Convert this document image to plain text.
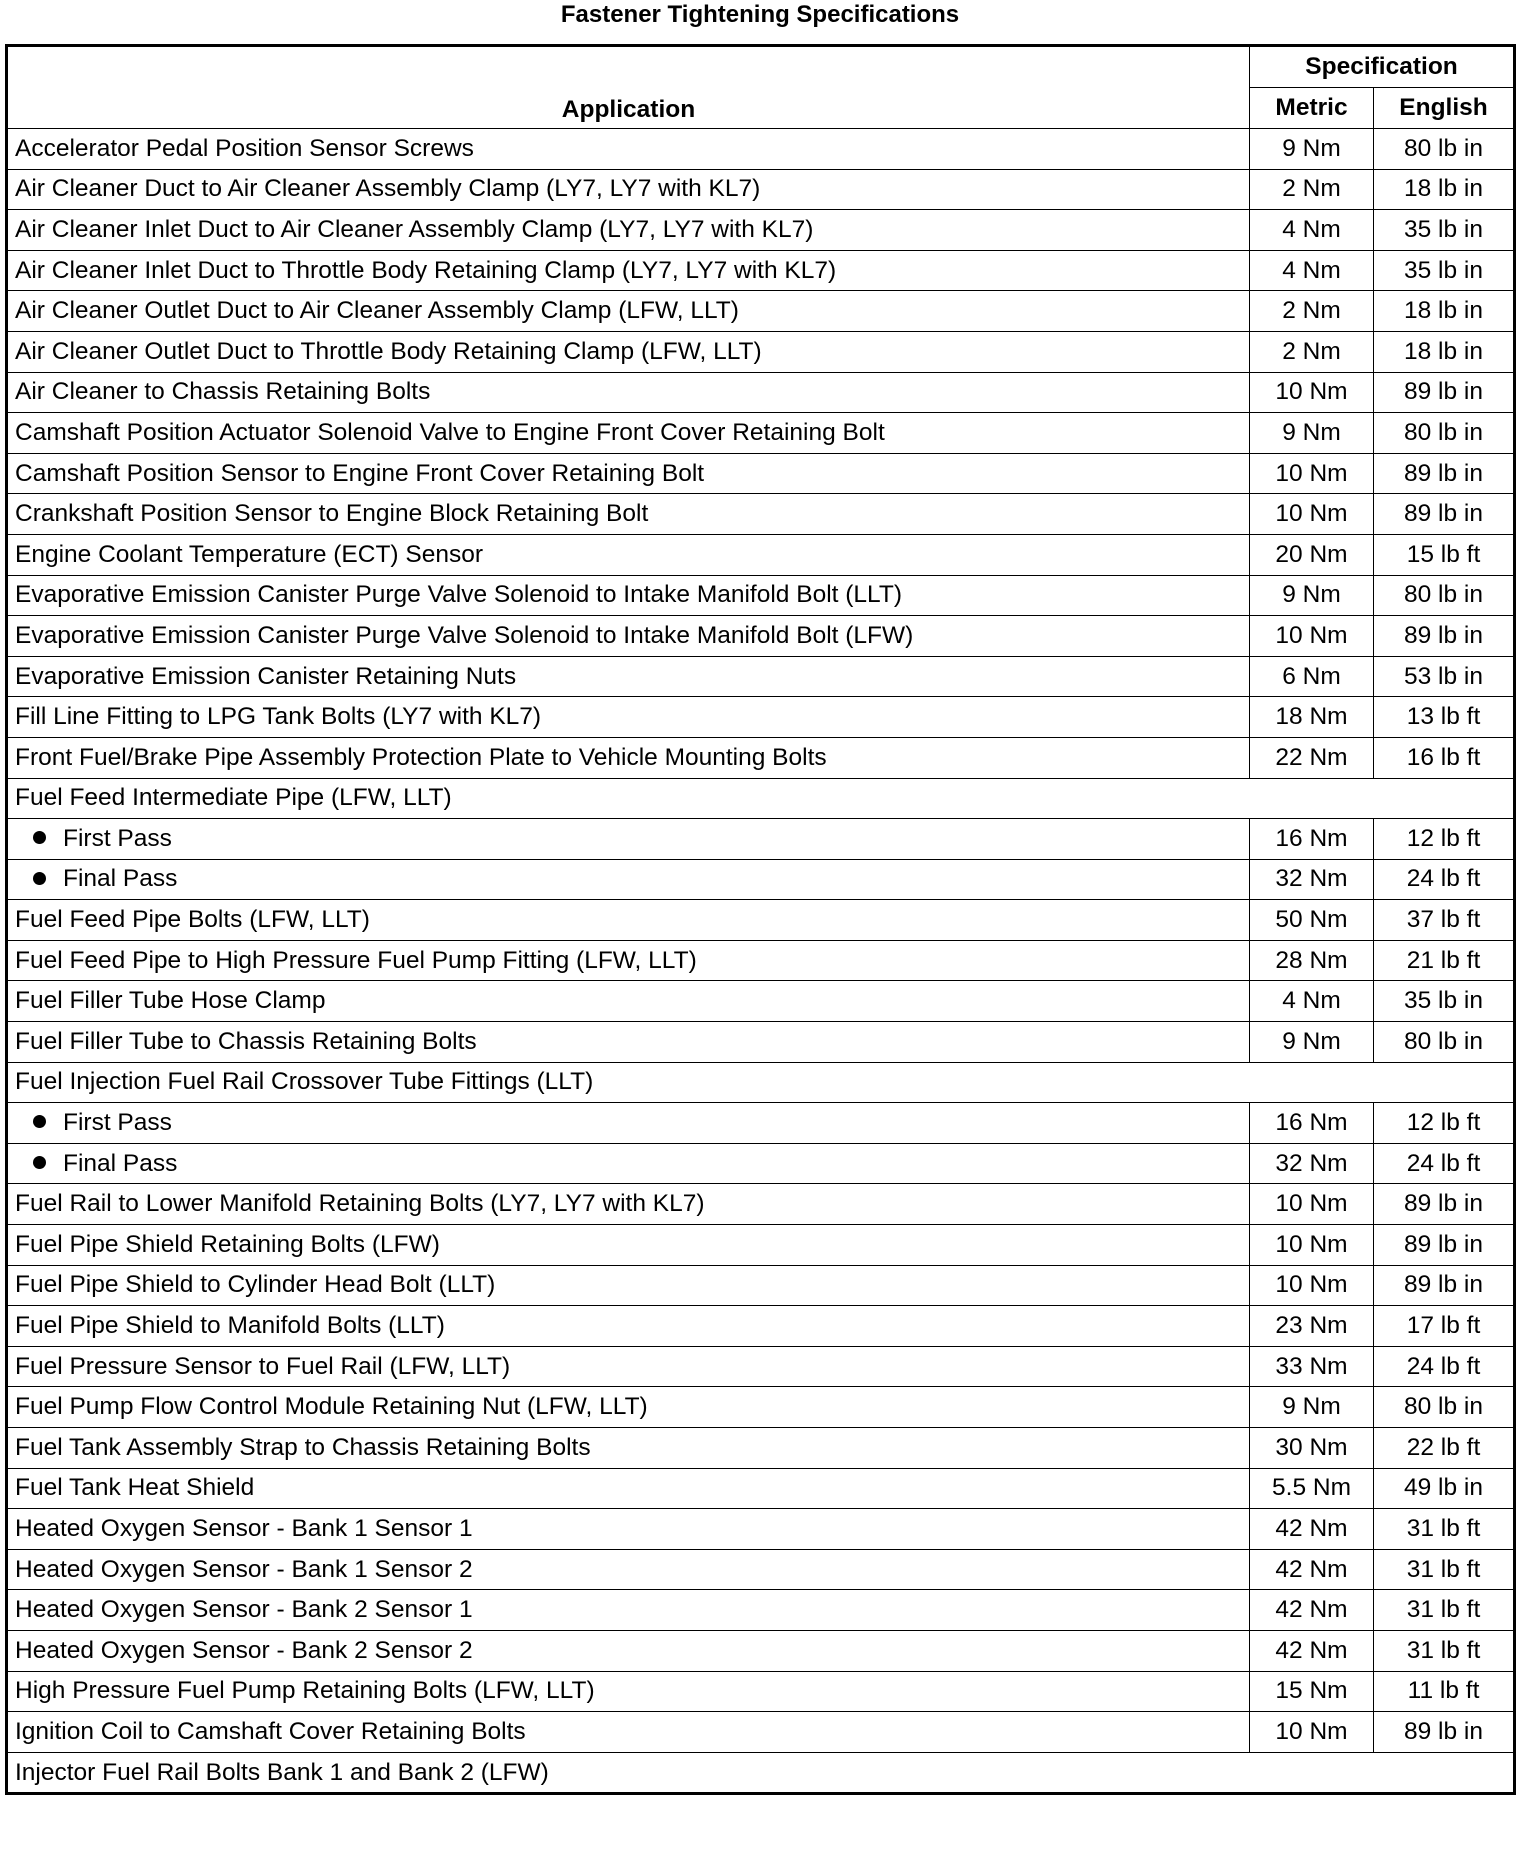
Fastener Tightening Specifications
Application	Specification	
	Metric	English
Accelerator Pedal Position Sensor Screws	9 Nm	80 lb in
Air Cleaner Duct to Air Cleaner Assembly Clamp (LY7, LY7 with KL7)	2 Nm	18 lb in
Air Cleaner Inlet Duct to Air Cleaner Assembly Clamp (LY7, LY7 with KL7)	4 Nm	35 lb in
Air Cleaner Inlet Duct to Throttle Body Retaining Clamp (LY7, LY7 with KL7)	4 Nm	35 lb in
Air Cleaner Outlet Duct to Air Cleaner Assembly Clamp (LFW, LLT)	2 Nm	18 lb in
Air Cleaner Outlet Duct to Throttle Body Retaining Clamp (LFW, LLT)	2 Nm	18 lb in
Air Cleaner to Chassis Retaining Bolts	10 Nm	89 lb in
Camshaft Position Actuator Solenoid Valve to Engine Front Cover Retaining Bolt	9 Nm	80 lb in
Camshaft Position Sensor to Engine Front Cover Retaining Bolt	10 Nm	89 lb in
Crankshaft Position Sensor to Engine Block Retaining Bolt	10 Nm	89 lb in
Engine Coolant Temperature (ECT) Sensor	20 Nm	15 lb ft
Evaporative Emission Canister Purge Valve Solenoid to Intake Manifold Bolt (LLT)	9 Nm	80 lb in
Evaporative Emission Canister Purge Valve Solenoid to Intake Manifold Bolt (LFW)	10 Nm	89 lb in
Evaporative Emission Canister Retaining Nuts	6 Nm	53 lb in
Fill Line Fitting to LPG Tank Bolts (LY7 with KL7)	18 Nm	13 lb ft
Front Fuel/Brake Pipe Assembly Protection Plate to Vehicle Mounting Bolts	22 Nm	16 lb ft
Fuel Feed Intermediate Pipe (LFW, LLT)		
First Pass	16 Nm	12 lb ft
Final Pass	32 Nm	24 lb ft
Fuel Feed Pipe Bolts (LFW, LLT)	50 Nm	37 lb ft
Fuel Feed Pipe to High Pressure Fuel Pump Fitting (LFW, LLT)	28 Nm	21 lb ft
Fuel Filler Tube Hose Clamp	4 Nm	35 lb in
Fuel Filler Tube to Chassis Retaining Bolts	9 Nm	80 lb in
Fuel Injection Fuel Rail Crossover Tube Fittings (LLT)		
First Pass	16 Nm	12 lb ft
Final Pass	32 Nm	24 lb ft
Fuel Rail to Lower Manifold Retaining Bolts (LY7, LY7 with KL7)	10 Nm	89 lb in
Fuel Pipe Shield Retaining Bolts (LFW)	10 Nm	89 lb in
Fuel Pipe Shield to Cylinder Head Bolt (LLT)	10 Nm	89 lb in
Fuel Pipe Shield to Manifold Bolts (LLT)	23 Nm	17 lb ft
Fuel Pressure Sensor to Fuel Rail (LFW, LLT)	33 Nm	24 lb ft
Fuel Pump Flow Control Module Retaining Nut (LFW, LLT)	9 Nm	80 lb in
Fuel Tank Assembly Strap to Chassis Retaining Bolts	30 Nm	22 lb ft
Fuel Tank Heat Shield	5.5 Nm	49 lb in
Heated Oxygen Sensor - Bank 1 Sensor 1	42 Nm	31 lb ft
Heated Oxygen Sensor - Bank 1 Sensor 2	42 Nm	31 lb ft
Heated Oxygen Sensor - Bank 2 Sensor 1	42 Nm	31 lb ft
Heated Oxygen Sensor - Bank 2 Sensor 2	42 Nm	31 lb ft
High Pressure Fuel Pump Retaining Bolts (LFW, LLT)	15 Nm	11 lb ft
Ignition Coil to Camshaft Cover Retaining Bolts	10 Nm	89 lb in
Injector Fuel Rail Bolts Bank 1 and Bank 2 (LFW)		
